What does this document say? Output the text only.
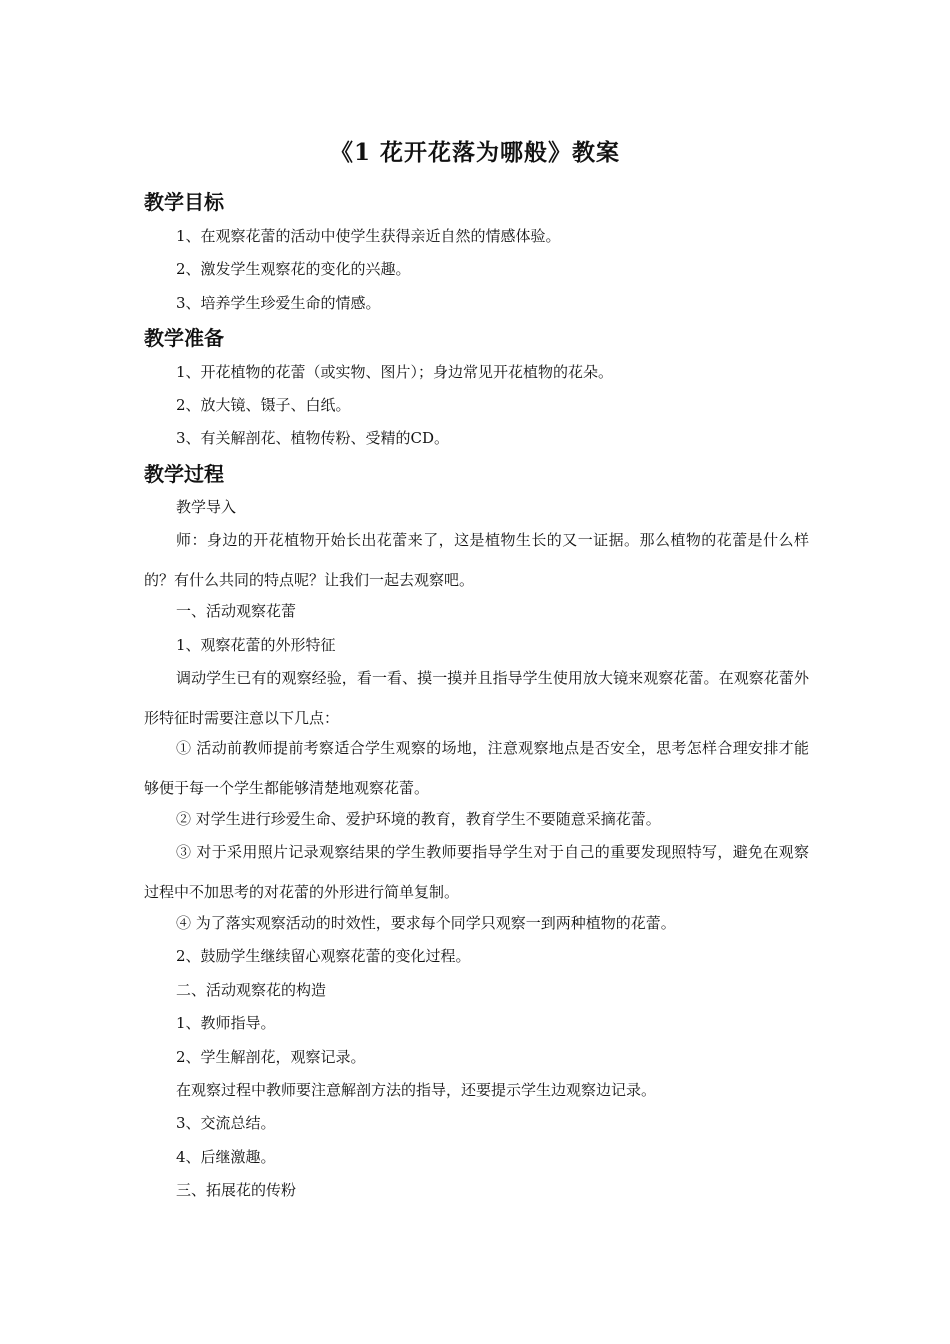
《1 花开花落为哪般》教案
教学目标

1、在观察花蕾的活动中使学生获得亲近自然的情感体验。

2、激发学生观察花的变化的兴趣。

3、培养学生珍爱生命的情感。

教学准备

1、开花植物的花蕾（或实物、图片）；身边常见开花植物的花朵。

2、放大镜、镊子、白纸。

3、有关解剖花、植物传粉、受精的CD。

教学过程

教学导入

师：身边的开花植物开始长出花蕾来了，这是植物生长的又一证据。那么植物的花蕾是什么样的？有什么共同的特点呢？让我们一起去观察吧。

一、活动观察花蕾

1、观察花蕾的外形特征

调动学生已有的观察经验，看一看、摸一摸并且指导学生使用放大镜来观察花蕾。在观察花蕾外形特征时需要注意以下几点：

① 活动前教师提前考察适合学生观察的场地，注意观察地点是否安全，思考怎样合理安排才能够便于每一个学生都能够清楚地观察花蕾。

② 对学生进行珍爱生命、爱护环境的教育，教育学生不要随意采摘花蕾。

③ 对于采用照片记录观察结果的学生教师要指导学生对于自己的重要发现照特写，避免在观察过程中不加思考的对花蕾的外形进行简单复制。

④ 为了落实观察活动的时效性，要求每个同学只观察一到两种植物的花蕾。

2、鼓励学生继续留心观察花蕾的变化过程。

二、活动观察花的构造

1、教师指导。

2、学生解剖花，观察记录。

在观察过程中教师要注意解剖方法的指导，还要提示学生边观察边记录。

3、交流总结。

4、后继激趣。

三、拓展花的传粉
